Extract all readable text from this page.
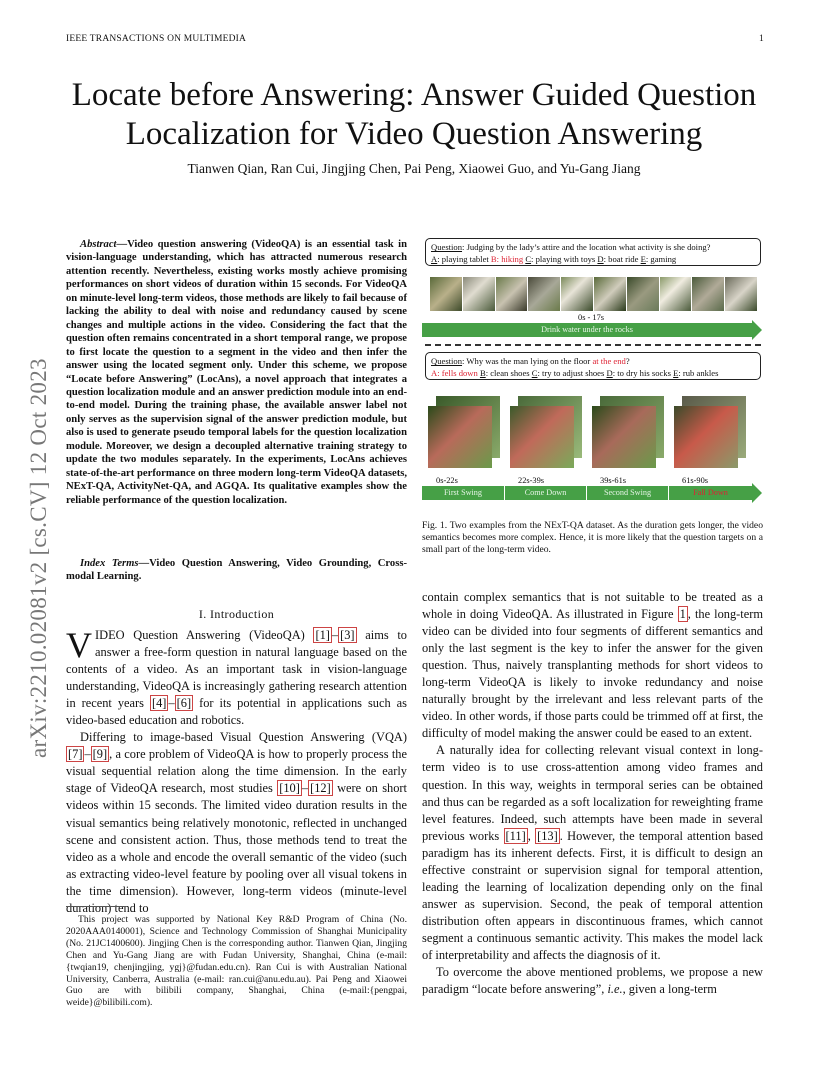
IEEE TRANSACTIONS ON MULTIMEDIA	1
arXiv:2210.02081v2 [cs.CV] 12 Oct 2023
Locate before Answering: Answer Guided Question Localization for Video Question Answering
Tianwen Qian, Ran Cui, Jingjing Chen, Pai Peng, Xiaowei Guo, and Yu-Gang Jiang
Abstract—Video question answering (VideoQA) is an essential task in vision-language understanding, which has attracted numerous research attention recently. Nevertheless, existing works mostly achieve promising performances on short videos of duration within 15 seconds. For VideoQA on minute-level long-term videos, those methods are likely to fail because of lacking the ability to deal with noise and redundancy caused by scene changes and multiple actions in the video. Considering the fact that the question often remains concentrated in a short temporal range, we propose to first locate the question to a segment in the video and then infer the answer using the located segment only. Under this scheme, we propose “Locate before Answering” (LocAns), a novel approach that integrates a question localization module and an answer prediction module into an end-to-end model. During the training phase, the available answer label not only serves as the supervision signal of the answer prediction module, but also is used to generate pseudo temporal labels for the question localization module. Moreover, we design a decoupled alternative training strategy to update the two modules separately. In the experiments, LocAns achieves state-of-the-art performance on three modern long-term VideoQA datasets, NExT-QA, ActivityNet-QA, and AGQA. Its qualitative examples show the reliable performance of the question localization.
Index Terms—Video Question Answering, Video Grounding, Cross-modal Learning.
I. Introduction

VIDEO Question Answering (VideoQA) [1] – [3] aims to answer a free-form question in natural language based on the contents of a video. As an important task in vision-language understanding, VideoQA is increasingly gathering research attention in recent years [4] – [6] for its potential in applications such as video-based education and robotics.

Differing to image-based Visual Question Answering (VQA) [7] – [9] , a core problem of VideoQA is how to properly process the visual sequential relation along the time dimension. In the early stage of VideoQA research, most studies [10] – [12] were on short videos within 15 seconds. The limited video duration results in the visual semantics being relatively monotonic, reflected in unchanged scene and consistent action. Thus, those methods tend to treat the video as a whole and encode the overall semantic of the video (such as extracting video-level feature by pooling over all visual tokens in the time dimension). However, long-term videos (minute-level duration) tend to

This project was supported by National Key R&D Program of China (No. 2020AAA0140001), Science and Technology Commission of Shanghai Municipality (No. 21JC1400600). Jingjing Chen is the corresponding author. Tianwen Qian, Jingjing Chen and Yu-Gang Jiang are with Fudan University, Shanghai, China (e-mail: {twqian19, chenjingjing, ygj}@fudan.edu.cn). Ran Cui is with Australian National University, Canberra, Australia (e-mail: ran.cui@anu.edu.au). Pai Peng and Xiaowei Guo are with bilibili company, Shanghai, China (e-mail:{pengpai, weide}@bilibili.com).
Question: Judging by the lady’s attire and the location what activity is she doing?
A: playing tablet B: hiking C: playing with toys D: boat ride E: gaming
0s - 17s
Drink water under the rocks
Question: Why was the man lying on the floor at the end?
A: fells down B: clean shoes C: try to adjust shoes D: to dry his socks E: rub ankles
0s-22s	22s-39s	39s-61s	61s-90s
First Swing	Come Down	Second Swing	Fall Down
Fig. 1. Two examples from the NExT-QA dataset. As the duration gets longer, the video semantics becomes more complex. Hence, it is more likely that the question targets on a small part of the long-term video.

contain complex semantics that is not suitable to be treated as a whole in doing VideoQA. As illustrated in Figure 1 , the long-term video can be divided into four segments of different semantics and only the last segment is the key to infer the answer for the given question. Thus, naively transplanting methods for short videos to long-term VideoQA is likely to invoke redundancy and noise naturally brought by the irrelevant and less relevant parts of the video. In other words, if those parts could be trimmed off at first, the difficulty of model making the answer could be eased to an extent.

A naturally idea for collecting relevant visual context in long-term video is to use cross-attention among video frames and question. In this way, weights in termporal series can be obtained and thus can be regarded as a soft localization for reweighting frame level features. Indeed, such attempts have been made in several previous works [11] , [13] . However, the temporal attention based paradigm has its inherent defects. First, it is difficult to design an effective constraint or supervision signal for temporal attention, leading the learning of localization depending only on the final answer as supervision. Second, the peak of temporal attention distribution often appears in discontinuous frames, which cannot segment a continuous semantic activity. This makes the model lack of interpretability and affects the diagnosis of it.

To overcome the above mentioned problems, we propose a new paradigm “locate before answering”, i.e., given a long-term
